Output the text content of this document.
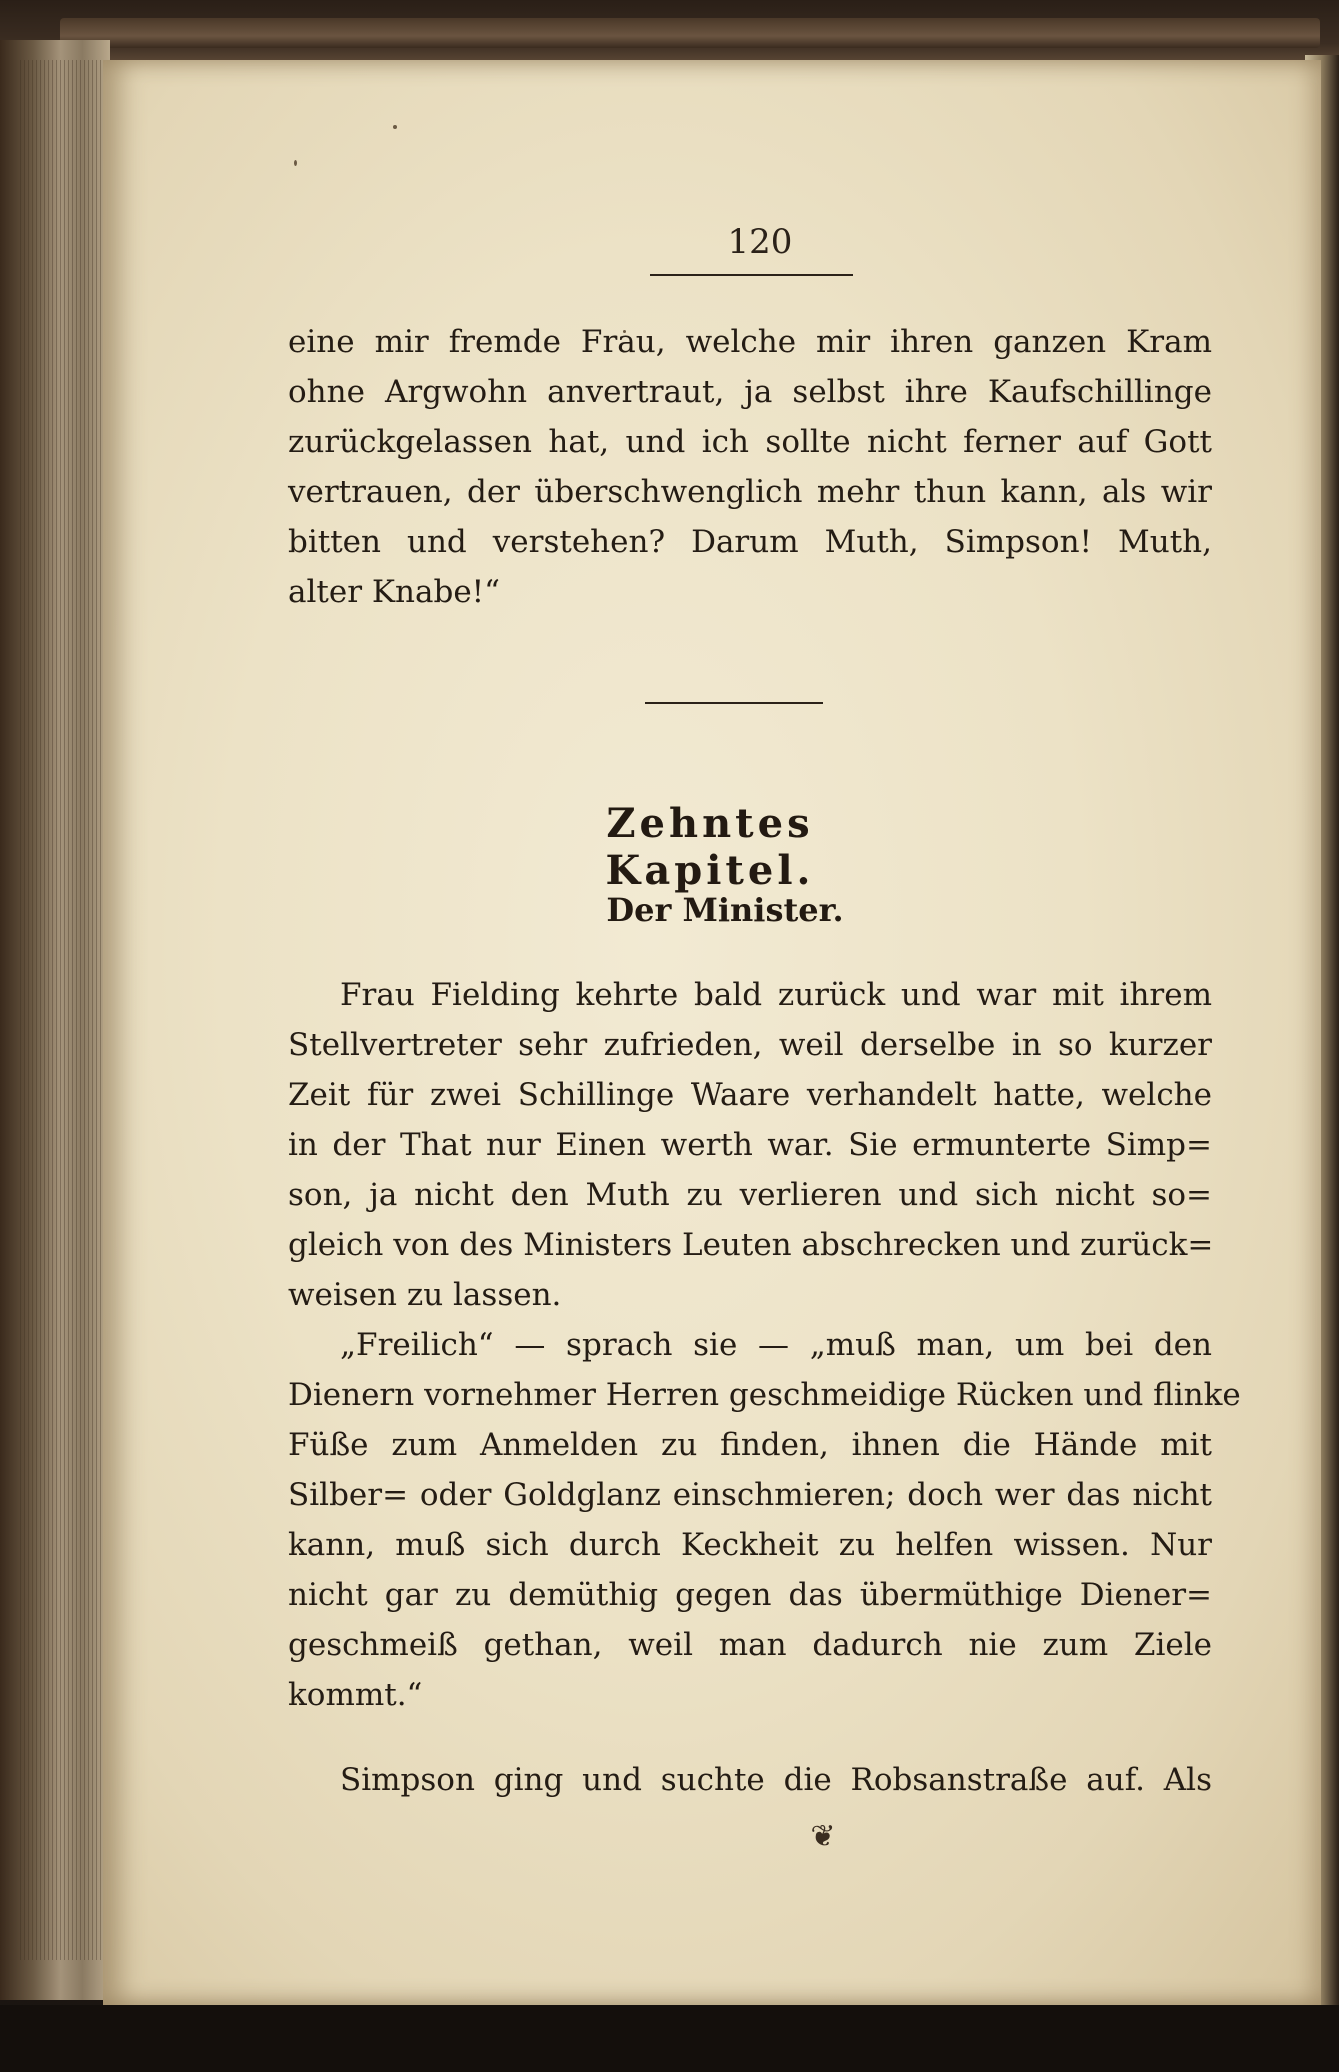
120
eine mir fremde Frau, welche mir ihren ganzen Kram
ohne Argwohn anvertraut, ja selbst ihre Kaufschillinge
zurückgelassen hat, und ich sollte nicht ferner auf Gott
vertrauen, der überschwenglich mehr thun kann, als wir
bitten und verstehen? Darum Muth, Simpson! Muth,
alter Knabe!“
Zehntes Kapitel.
Der Minister.
Frau Fielding kehrte bald zurück und war mit ihrem
Stellvertreter sehr zufrieden, weil derselbe in so kurzer
Zeit für zwei Schillinge Waare verhandelt hatte, welche
in der That nur Einen werth war. Sie ermunterte Simp=
son, ja nicht den Muth zu verlieren und sich nicht so=
gleich von des Ministers Leuten abschrecken und zurück=
weisen zu lassen.
„Freilich“ — sprach sie — „muß man, um bei den
Dienern vornehmer Herren geschmeidige Rücken und flinke
Füße zum Anmelden zu finden, ihnen die Hände mit
Silber= oder Goldglanz einschmieren; doch wer das nicht
kann, muß sich durch Keckheit zu helfen wissen. Nur
nicht gar zu demüthig gegen das übermüthige Diener=
geschmeiß gethan, weil man dadurch nie zum Ziele
kommt.“
Simpson ging und suchte die Robsanstraße auf. Als
❦
